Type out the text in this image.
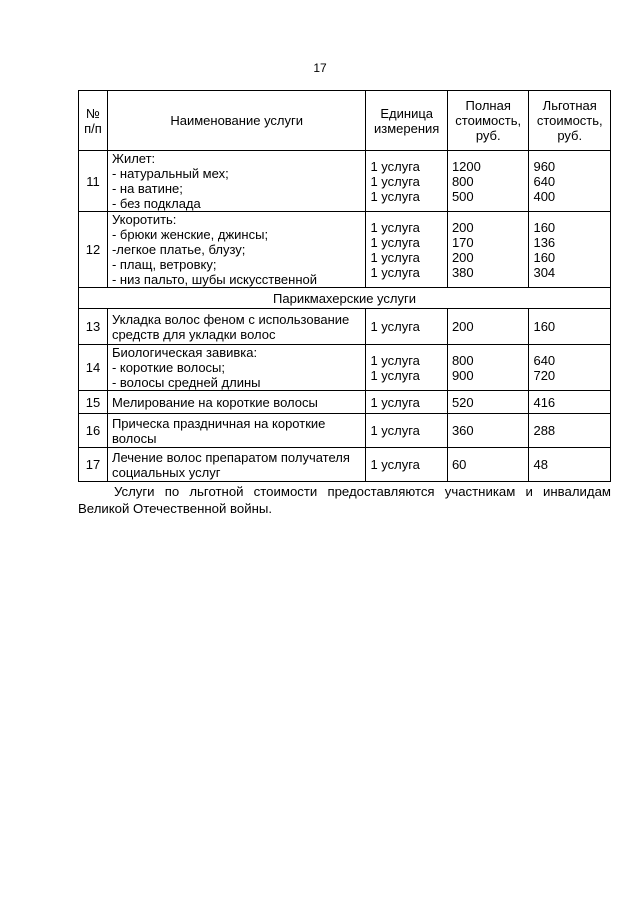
17
№
п/п	Наименование услуги	Единица
измерения	Полная
стоимость,
руб.	Льготная
стоимость,
руб.

11	Жилет:
- натуральный мех;
- на ватине;
- без подклада	1 услуга
1 услуга
1 услуга	1200
800
500	960
640
400

12	Укоротить:
- брюки женские, джинсы;
-легкое платье, блузу;
- плащ, ветровку;
- низ пальто, шубы искусственной	1 услуга
1 услуга
1 услуга
1 услуга	200
170
200
380	160
136
160
304

Парикмахерские услуги				
13	Укладка волос феном с использование
средств для укладки волос	1 услуга	200	160
14	Биологическая завивка:
- короткие волосы;
- волосы средней длины	1 услуга
1 услуга	800
900	640
720

15	Мелирование на короткие волосы	1 услуга	520	416
16	Прическа праздничная на короткие
волосы	1 услуга	360	288
17	Лечение волос препаратом получателя
социальных услуг	1 услуга	60	48
Услуги по льготной стоимости предоставляются участникам и инвалидам Великой Отечественной войны.
